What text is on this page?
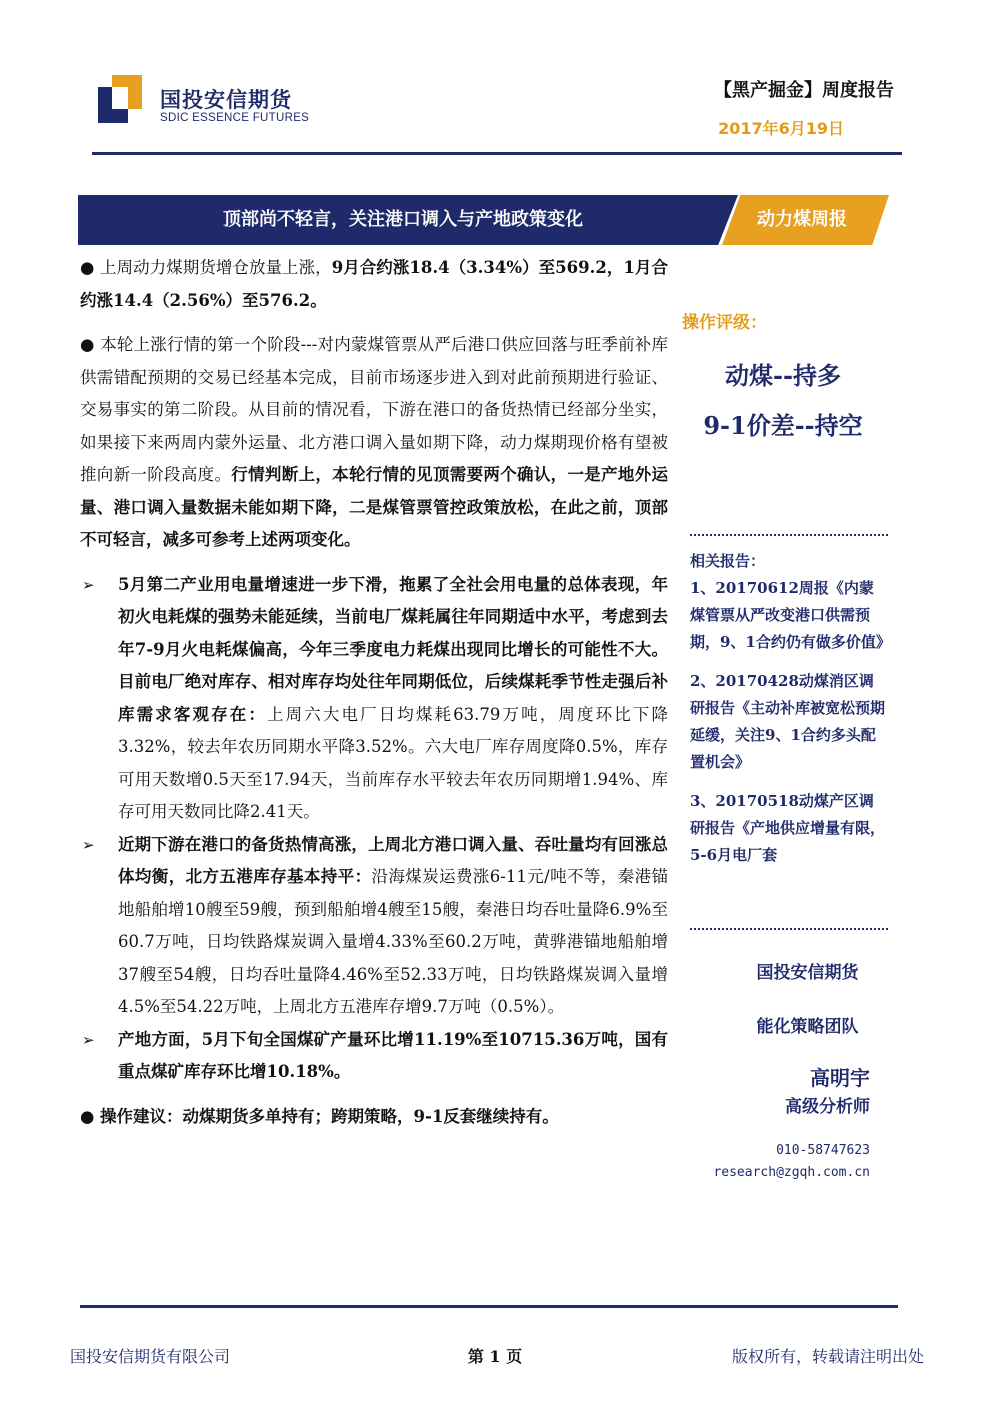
国投安信期货
SDIC ESSENCE FUTURES
【黑产掘金】周度报告
2017年6月19日
顶部尚不轻言，关注港口调入与产地政策变化	动力煤周报

● 上周动力煤期货增仓放量上涨，9月合约涨18.4（3.34%）至569.2，1月合约涨14.4（2.56%）至576.2。

● 本轮上涨行情的第一个阶段---对内蒙煤管票从严后港口供应回落与旺季前补库供需错配预期的交易已经基本完成，目前市场逐步进入到对此前预期进行验证、交易事实的第二阶段。从目前的情况看，下游在港口的备货热情已经部分坐实，如果接下来两周内蒙外运量、北方港口调入量如期下降，动力煤期现价格有望被推向新一阶段高度。行情判断上，本轮行情的见顶需要两个确认，一是产地外运量、港口调入量数据未能如期下降，二是煤管票管控政策放松，在此之前，顶部不可轻言，减多可参考上述两项变化。

➢ 5月第二产业用电量增速进一步下滑，拖累了全社会用电量的总体表现，年初火电耗煤的强势未能延续，当前电厂煤耗属往年同期适中水平，考虑到去年7-9月火电耗煤偏高，今年三季度电力耗煤出现同比增长的可能性不大。目前电厂绝对库存、相对库存均处往年同期低位，后续煤耗季节性走强后补库需求客观存在：上周六大电厂日均煤耗63.79万吨，周度环比下降3.32%，较去年农历同期水平降3.52%。六大电厂库存周度降0.5%，库存可用天数增0.5天至17.94天，当前库存水平较去年农历同期增1.94%、库存可用天数同比降2.41天。

➢ 近期下游在港口的备货热情高涨，上周北方港口调入量、吞吐量均有回涨总体均衡，北方五港库存基本持平：沿海煤炭运费涨6-11元/吨不等，秦港锚地船舶增10艘至59艘，预到船舶增4艘至15艘，秦港日均吞吐量降6.9%至60.7万吨，日均铁路煤炭调入量增4.33%至60.2万吨，黄骅港锚地船舶增37艘至54艘，日均吞吐量降4.46%至52.33万吨，日均铁路煤炭调入量增4.5%至54.22万吨，上周北方五港库存增9.7万吨（0.5%）。

➢ 产地方面，5月下旬全国煤矿产量环比增11.19%至10715.36万吨，国有重点煤矿库存环比增10.18%。

● 操作建议：动煤期货多单持有；跨期策略，9-1反套继续持有。

操作评级：
动煤--持多
9-1价差--持空

相关报告：

1、20170612周报《内蒙煤管票从严改变港口供需预期，9、1合约仍有做多价值》

2、20170428动煤消区调研报告《主动补库被宽松预期延缓，关注9、1合约多头配置机会》

3、20170518动煤产区调研报告《产地供应增量有限，5-6月电厂套

国投安信期货
能化策略团队
高明宇
高级分析师
010-58747623
research@zgqh.com.cn
国投安信期货有限公司	第 1 页	版权所有，转载请注明出处
